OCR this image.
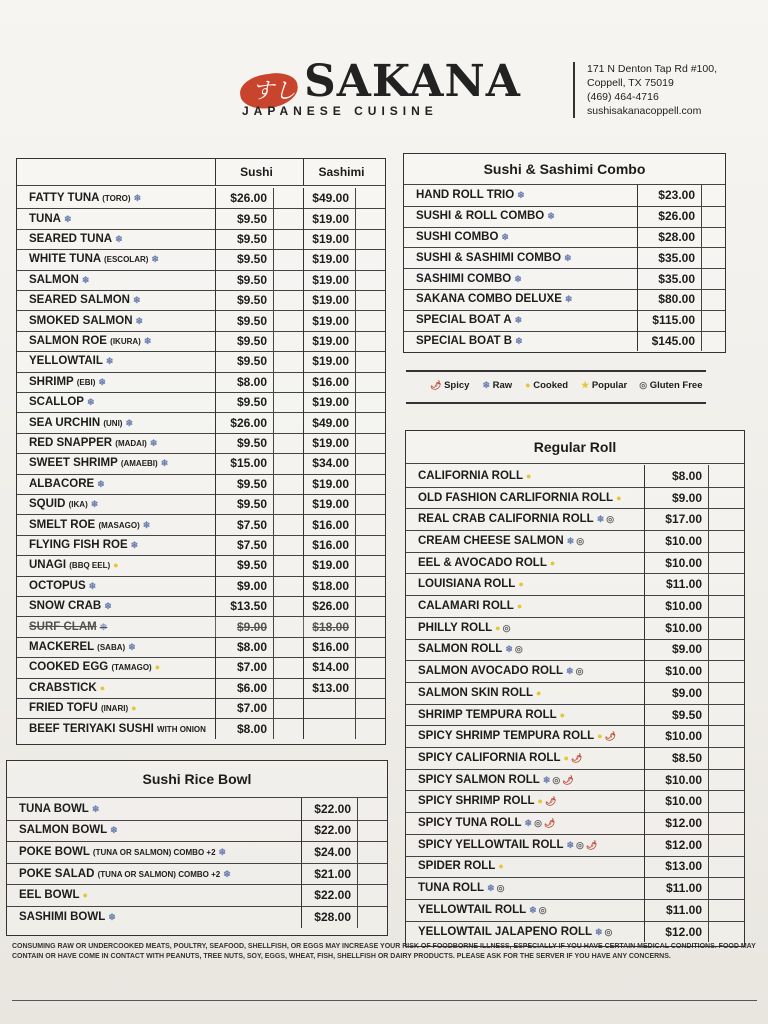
すし SAKANA
JAPANESE CUISINE
171 N Denton Tap Rd #100,
Coppell, TX 75019
(469) 464-4716
sushisakanacoppell.com
Sushi	Sashimi
FATTY TUNA (TORO) ❄	$26.00	$49.00
TUNA ❄	$9.50	$19.00
SEARED TUNA ❄	$9.50	$19.00
WHITE TUNA (ESCOLAR) ❄	$9.50	$19.00
SALMON ❄	$9.50	$19.00
SEARED SALMON ❄	$9.50	$19.00
SMOKED SALMON ❄	$9.50	$19.00
SALMON ROE (IKURA) ❄	$9.50	$19.00
YELLOWTAIL ❄	$9.50	$19.00
SHRIMP (EBI) ❄	$8.00	$16.00
SCALLOP ❄	$9.50	$19.00
SEA URCHIN (UNI) ❄	$26.00	$49.00
RED SNAPPER (MADAI) ❄	$9.50	$19.00
SWEET SHRIMP (AMAEBI) ❄	$15.00	$34.00
ALBACORE ❄	$9.50	$19.00
SQUID (IKA) ❄	$9.50	$19.00
SMELT ROE (MASAGO) ❄	$7.50	$16.00
FLYING FISH ROE ❄	$7.50	$16.00
UNAGI (BBQ EEL) ●	$9.50	$19.00
OCTOPUS ❄	$9.00	$18.00
SNOW CRAB ❄	$13.50	$26.00
SURF CLAM ❄	$9.00	$18.00
MACKEREL (SABA) ❄	$8.00	$16.00
COOKED EGG (TAMAGO) ●	$7.00	$14.00
CRABSTICK ●	$6.00	$13.00
FRIED TOFU (INARI) ●	$7.00
BEEF TERIYAKI SUSHI WITH ONION	$8.00
Sushi Rice Bowl
TUNA BOWL ❄	$22.00
SALMON BOWL ❄	$22.00
POKE BOWL (TUNA OR SALMON) COMBO +2 ❄	$24.00
POKE SALAD (TUNA OR SALMON) COMBO +2 ❄	$21.00
EEL BOWL ●	$22.00
SASHIMI BOWL ❄	$28.00
Sushi & Sashimi Combo
HAND ROLL TRIO ❄	$23.00
SUSHI & ROLL COMBO ❄	$26.00
SUSHI COMBO ❄	$28.00
SUSHI & SASHIMI COMBO ❄	$35.00
SASHIMI COMBO ❄	$35.00
SAKANA COMBO DELUXE ❄	$80.00
SPECIAL BOAT A ❄	$115.00
SPECIAL BOAT B ❄	$145.00
🌶 Spicy	❄ Raw	● Cooked	★ Popular ◎ Gluten Free
Regular Roll
CALIFORNIA ROLL ●	$8.00
OLD FASHION CARLIFORNIA ROLL ●	$9.00
REAL CRAB CALIFORNIA ROLL ❄ ◎	$17.00
CREAM CHEESE SALMON ❄ ◎	$10.00
EEL & AVOCADO ROLL ●	$10.00
LOUISIANA ROLL ●	$11.00
CALAMARI ROLL ●	$10.00
PHILLY ROLL ● ◎	$10.00
SALMON ROLL ❄ ◎	$9.00
SALMON AVOCADO ROLL ❄ ◎	$10.00
SALMON SKIN ROLL ●	$9.00
SHRIMP TEMPURA ROLL ●	$9.50
SPICY SHRIMP TEMPURA ROLL ● 🌶	$10.00
SPICY CALIFORNIA ROLL ● 🌶	$8.50
SPICY SALMON ROLL ❄ ◎ 🌶	$10.00
SPICY SHRIMP ROLL ● 🌶	$10.00
SPICY TUNA ROLL ❄ ◎ 🌶	$12.00
SPICY YELLOWTAIL ROLL ❄ ◎ 🌶	$12.00
SPIDER ROLL ●	$13.00
TUNA ROLL ❄ ◎	$11.00
YELLOWTAIL ROLL ❄ ◎	$11.00
YELLOWTAIL JALAPENO ROLL ❄ ◎	$12.00
CONSUMING RAW OR UNDERCOOKED MEATS, POULTRY, SEAFOOD, SHELLFISH, OR EGGS MAY INCREASE YOUR RISK OF FOODBORNE ILLNESS, ESPECIALLY IF YOU HAVE CERTAIN MEDICAL CONDITIONS. FOOD MAY CONTAIN OR HAVE COME IN CONTACT WITH PEANUTS, TREE NUTS, SOY, EGGS, WHEAT, FISH, SHELLFISH OR DAIRY PRODUCTS. PLEASE ASK FOR THE SERVER IF YOU HAVE ANY CONCERNS.
